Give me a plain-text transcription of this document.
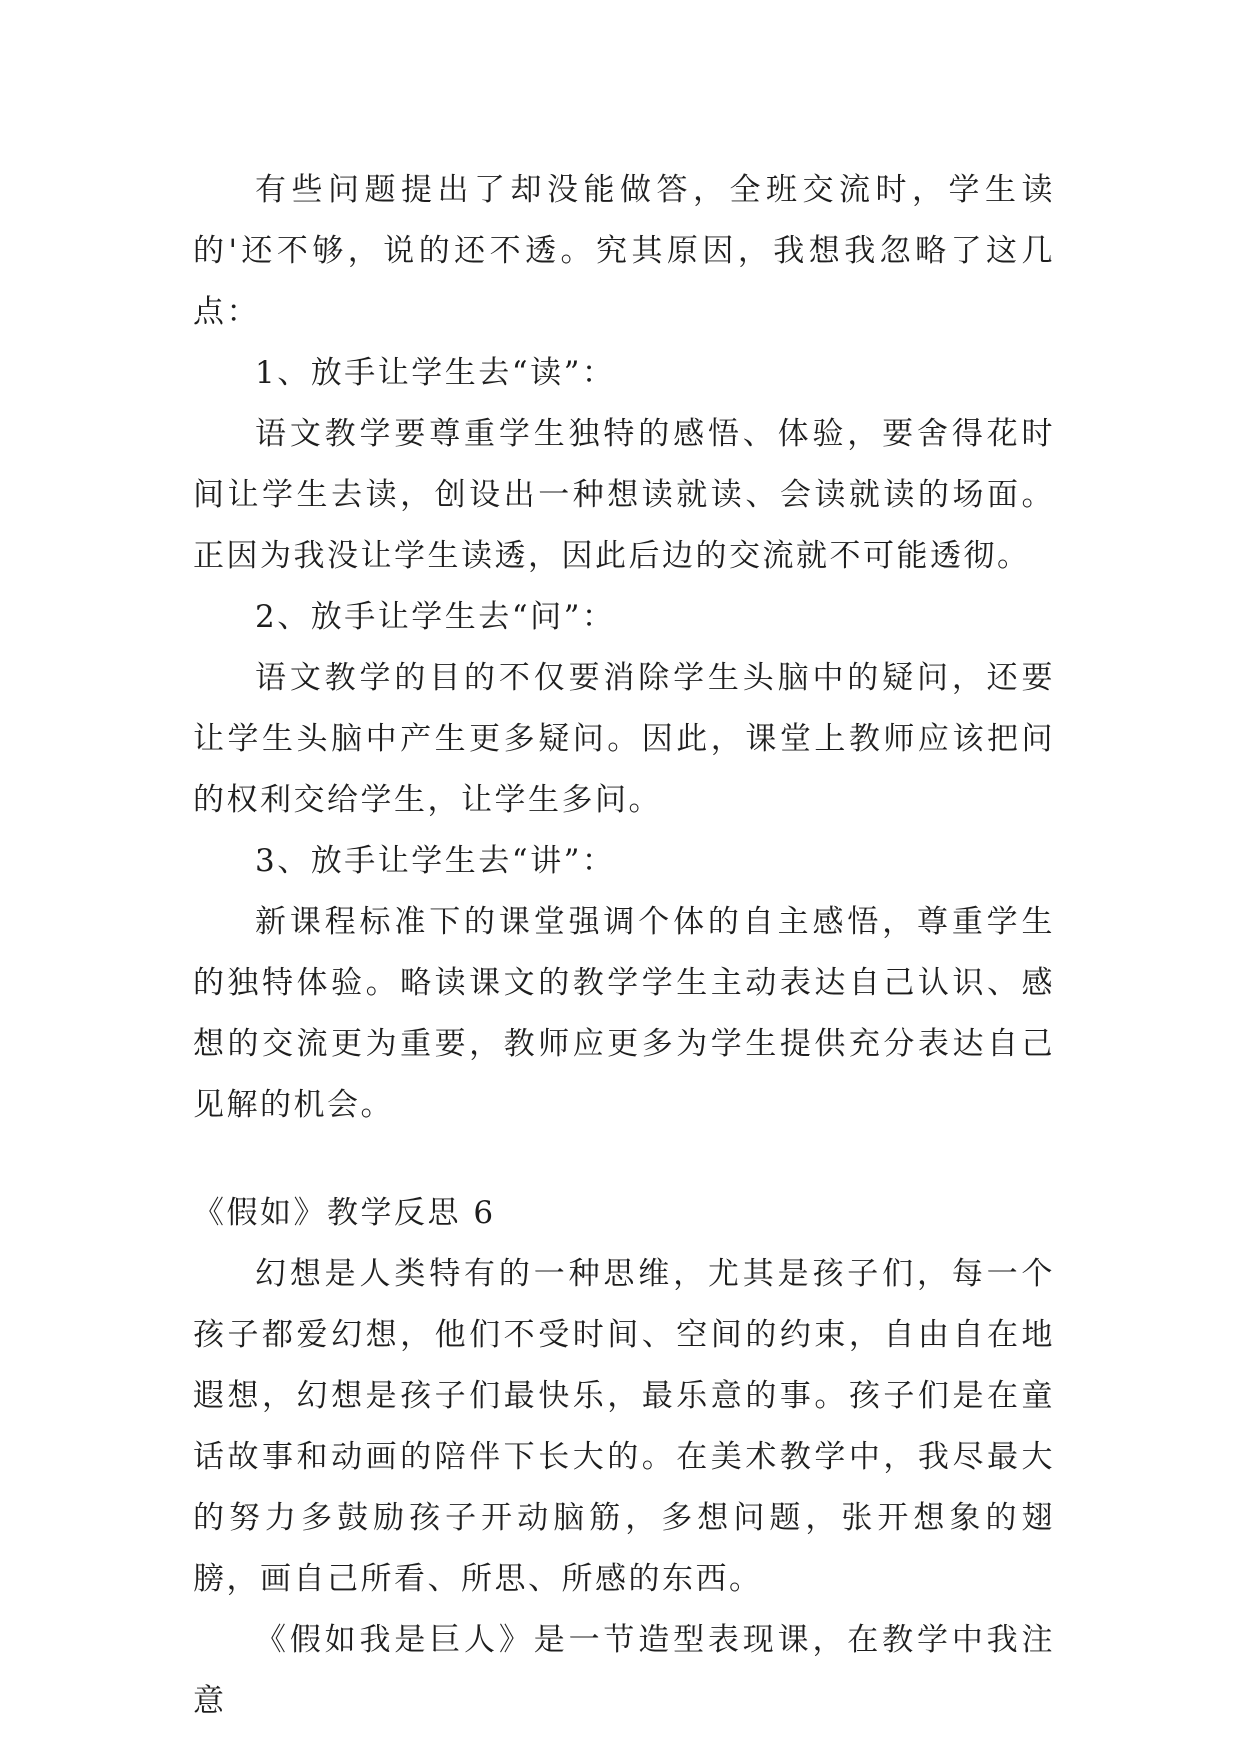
有些问题提出了却没能做答，全班交流时，学生读的'还不够，说的还不透。究其原因，我想我忽略了这几点：

1、放手让学生去“读”：

语文教学要尊重学生独特的感悟、体验，要舍得花时间让学生去读，创设出一种想读就读、会读就读的场面。正因为我没让学生读透，因此后边的交流就不可能透彻。

2、放手让学生去“问”：

语文教学的目的不仅要消除学生头脑中的疑问，还要让学生头脑中产生更多疑问。因此，课堂上教师应该把问的权利交给学生，让学生多问。

3、放手让学生去“讲”：

新课程标准下的课堂强调个体的自主感悟，尊重学生的独特体验。略读课文的教学学生主动表达自己认识、感想的交流更为重要，教师应更多为学生提供充分表达自己见解的机会。

《假如》教学反思 6

幻想是人类特有的一种思维，尤其是孩子们，每一个孩子都爱幻想，他们不受时间、空间的约束，自由自在地遐想，幻想是孩子们最快乐，最乐意的事。孩子们是在童话故事和动画的陪伴下长大的。在美术教学中，我尽最大的努力多鼓励孩子开动脑筋，多想问题，张开想象的翅膀，画自己所看、所思、所感的东西。

《假如我是巨人》是一节造型表现课，在教学中我注意
